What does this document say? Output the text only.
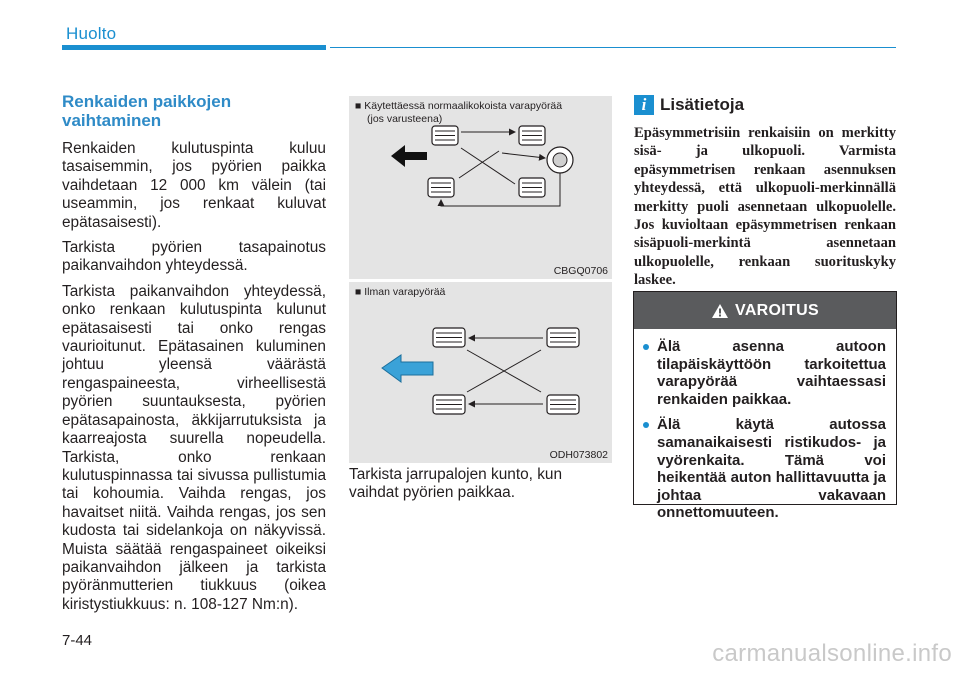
Huolto
Renkaiden paikkojen
vaihtaminen

Renkaiden kulutuspinta kuluu tasaisemmin, jos pyörien paikka vaihdetaan 12 000 km välein (tai useammin, jos renkaat kuluvat epätasaisesti).

Tarkista pyörien tasapainotus paikanvaihdon yhteydessä.

Tarkista paikanvaihdon yhteydessä, onko renkaan kulutuspinta kulunut epätasaisesti tai onko rengas vaurioitunut. Epätasainen kuluminen johtuu yleensä väärästä rengaspaineesta, virheellisestä pyörien suuntauksesta, pyörien epätasapainosta, äkkijarrutuksista ja kaarreajosta suurella nopeudella. Tarkista, onko renkaan kulutuspinnassa tai sivussa pullistumia tai kohoumia. Vaihda rengas, jos havaitset niitä. Vaihda rengas, jos sen kudosta tai sidelankoja on näkyvissä. Muista säätää rengaspaineet oikeiksi paikanvaihdon jälkeen ja tarkista pyöränmutterien tiukkuus (oikea kiristystiukkuus: n. 108-127 Nm:n).

■ Käytettäessä normaalikokoista varapyörää
(jos varusteena)
CBGQ0706
■ Ilman varapyörää
ODH073802

Tarkista jarrupalojen kunto, kun vaihdat pyörien paikkaa.

i Lisätietoja

Epäsymmetrisiin renkaisiin on merkitty sisä- ja ulkopuoli. Varmista epäsymmetrisen renkaan asennuksen yhteydessä, että ulkopuoli-merkinnällä merkitty puoli asennetaan ulkopuolelle. Jos kuvioltaan epäsymmetrisen renkaan sisäpuoli-merkintä asennetaan ulkopuolelle, renkaan suorituskyky laskee.

VAROITUS
Älä asenna autoon tilapäiskäyttöön tarkoitettua varapyörää vaihtaessasi renkaiden paikkaa.
Älä käytä autossa samanaikaisesti ristikudos- ja vyörenkaita. Tämä voi heikentää auton hallittavuutta ja johtaa vakavaan onnettomuuteen.
7-44	carmanualsonline.info
